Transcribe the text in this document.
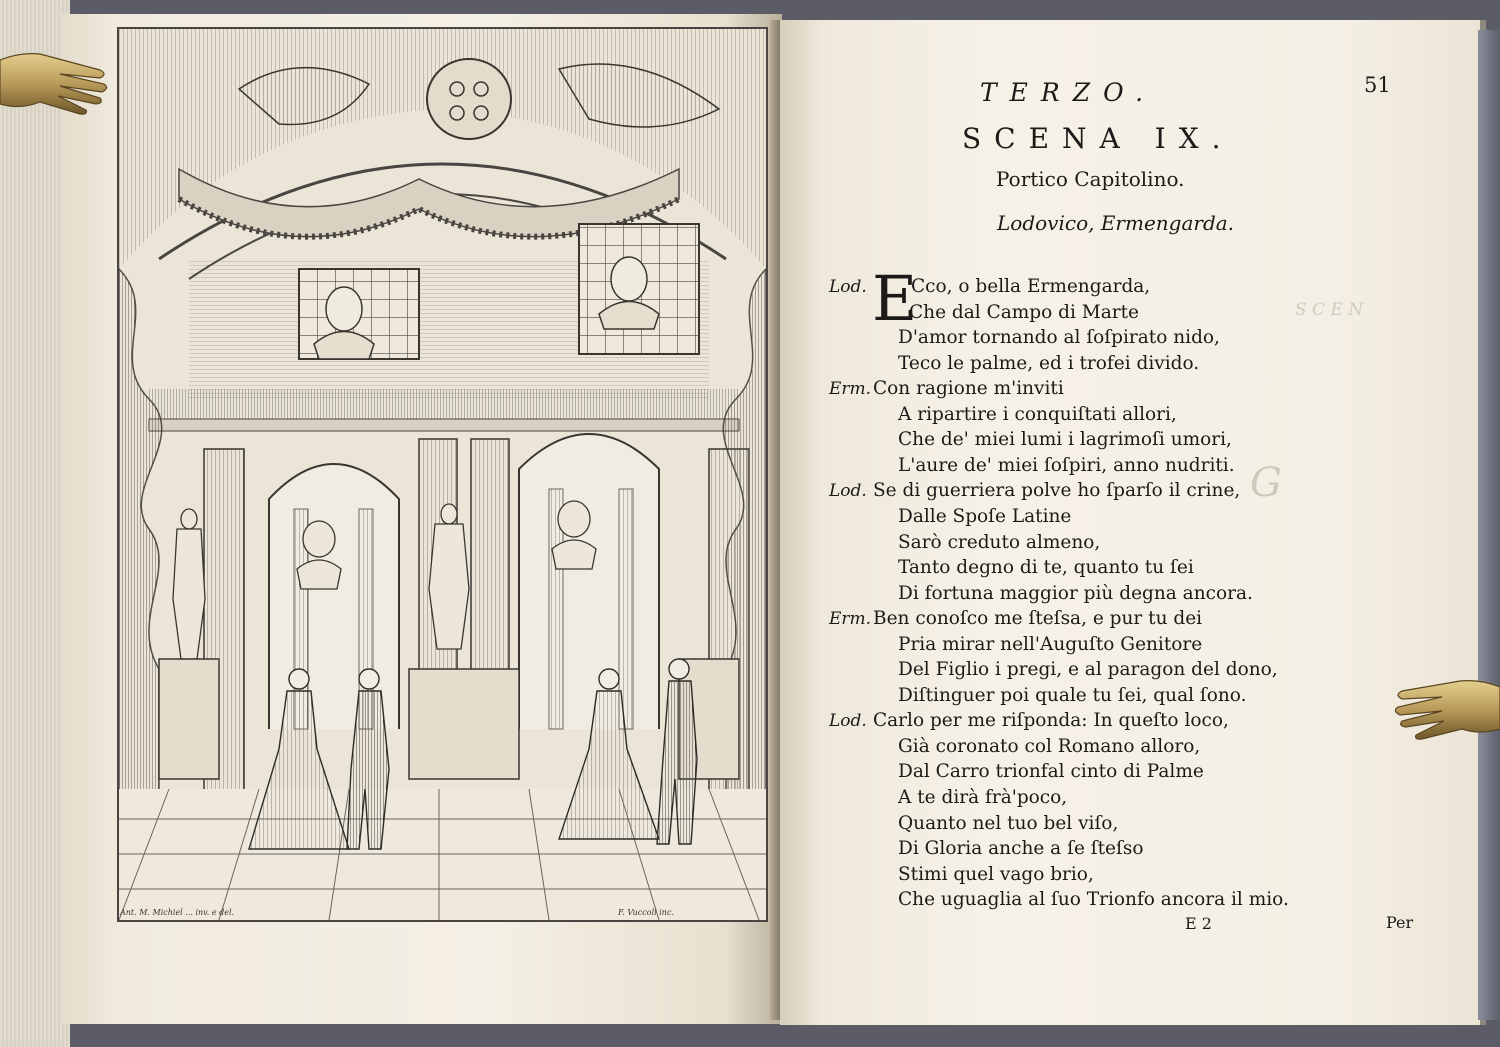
Ant. M. Michiel ... inv. e del.	F. Vuccoli inc.
S C E N
G
TERZO.	51
SCENA IX.
Portico Capitolino.
Lodovico, Ermengarda.
E
Lod. Cco, o bella Ermengarda,
Che dal Campo di Marte
D'amor tornando al ſoſpirato nido,
Teco le palme, ed i trofei divido.
Erm. Con ragione m'inviti
A ripartire i conquiſtati allori,
Che de' miei lumi i lagrimoſi umori,
L'aure de' miei ſoſpiri, anno nudriti.
Lod. Se di guerriera polve ho ſparſo il crine,
Dalle Spoſe Latine
Sarò creduto almeno,
Tanto degno di te, quanto tu ſei
Di fortuna maggior più degna ancora.
Erm. Ben conoſco me ſteſsa, e pur tu dei
Pria mirar nell'Auguſto Genitore
Del Figlio i pregi, e al paragon del dono,
Diſtinguer poi quale tu ſei, qual ſono.
Lod. Carlo per me riſponda: In queſto loco,
Già coronato col Romano alloro,
Dal Carro trionfal cinto di Palme
A te dirà frà'poco,
Quanto nel tuo bel viſo,
Di Gloria anche a ſe ſteſso
Stimi quel vago brio,
Che uguaglia al ſuo Trionfo ancora il mio.
E 2	Per
